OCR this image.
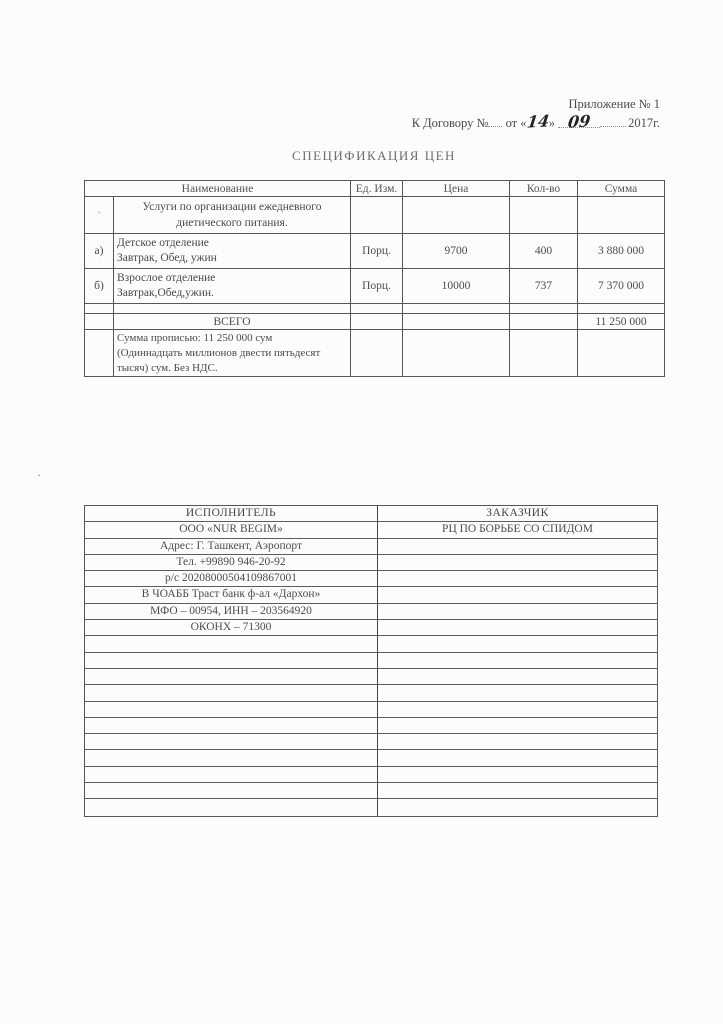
Приложение № 1
К Договору № от «14» 09	2017г.
СПЕЦИФИКАЦИЯ ЦЕН
Наименование		Ед. Изм.	Цена	Кол-во	Сумма
ʼ	Услуги по организации ежедневного
диетического питания.				

а)	Детское отделение
Завтрак, Обед, ужин	Порц.	9700	400	3 880 000
б)	Взрослое отделение
Завтрак,Обед,ужин.	Порц.	10000	737	7 370 000

	ВСЕГО				11 250 000

	Сумма прописью: 11 250 000 сум
(Одиннадцать миллионов двести пятьдесят
тысяч) сум. Без НДС.				

ИСПОЛНИТЕЛЬ	ЗАКАЗЧИК
ООО «NUR BEGIM»	РЦ ПО БОРЬБЕ СО СПИДОМ
Адрес: Г. Ташкент, Аэропорт
Тел. +99890 946-20-92
р/с 20208000504109867001
В ЧОАББ Траст банк ф-ал «Дархон»
МФО – 00954, ИНН – 203564920
ОКОНХ – 71300
·
